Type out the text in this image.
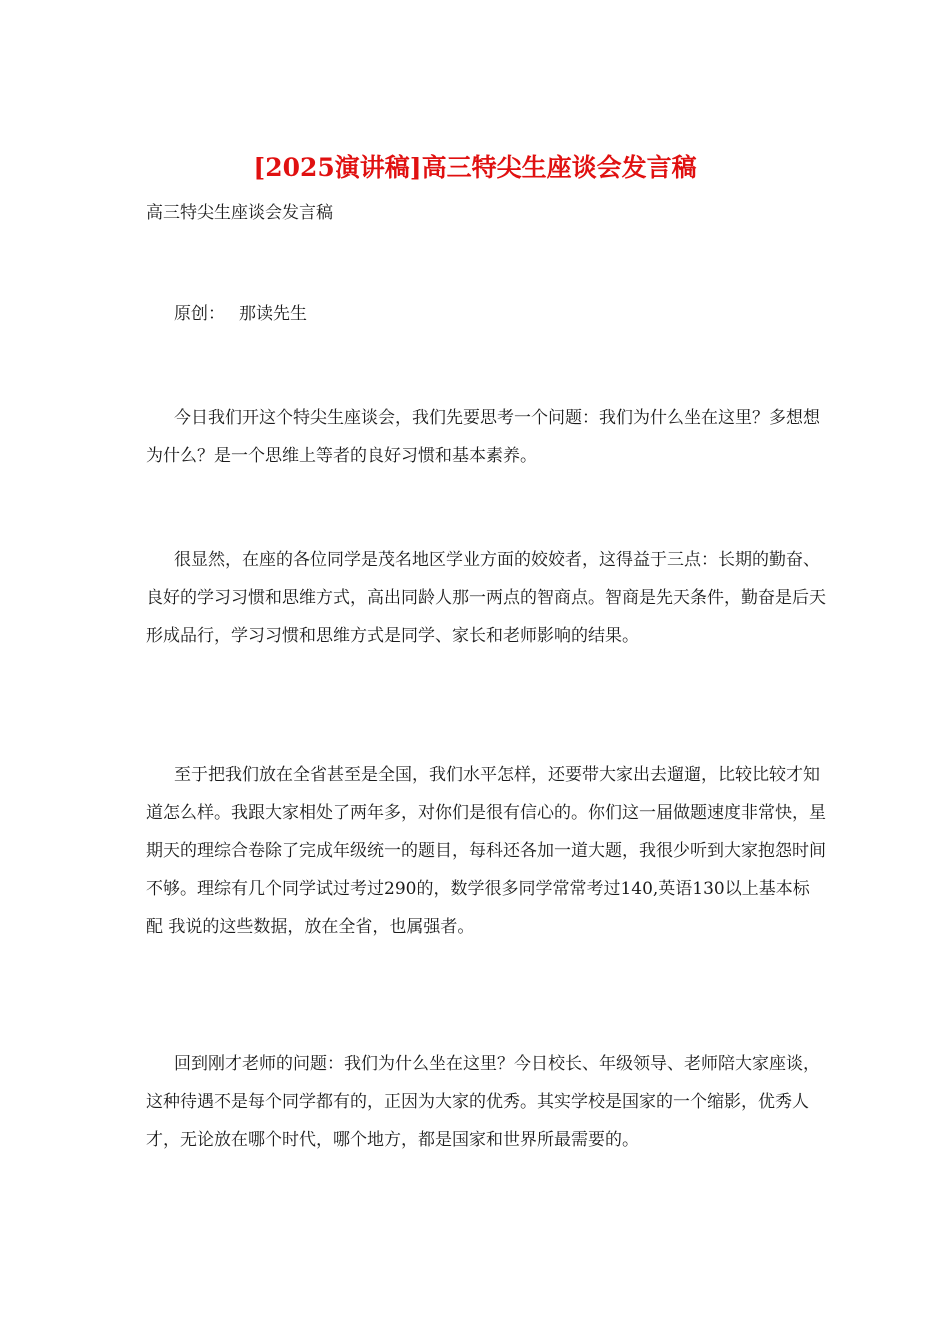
[2025演讲稿]高三特尖生座谈会发言稿

高三特尖生座谈会发言稿

原创： 那读先生

今日我们开这个特尖生座谈会，我们先要思考一个问题：我们为什么坐在这里？多想想为什么？是一个思维上等者的良好习惯和基本素养。

很显然，在座的各位同学是茂名地区学业方面的姣姣者，这得益于三点：长期的勤奋、良好的学习习惯和思维方式，高出同龄人那一两点的智商点。智商是先天条件，勤奋是后天形成品行，学习习惯和思维方式是同学、家长和老师影响的结果。

至于把我们放在全省甚至是全国，我们水平怎样，还要带大家出去遛遛，比较比较才知道怎么样。我跟大家相处了两年多，对你们是很有信心的。你们这一届做题速度非常快，星期天的理综合卷除了完成年级统一的题目，每科还各加一道大题，我很少听到大家抱怨时间不够。理综有几个同学试过考过290的，数学很多同学常常考过140,英语130以上基本标配 我说的这些数据，放在全省，也属强者。

回到刚才老师的问题：我们为什么坐在这里？今日校长、年级领导、老师陪大家座谈，这种待遇不是每个同学都有的，正因为大家的优秀。其实学校是国家的一个缩影，优秀人才，无论放在哪个时代，哪个地方，都是国家和世界所最需要的。
